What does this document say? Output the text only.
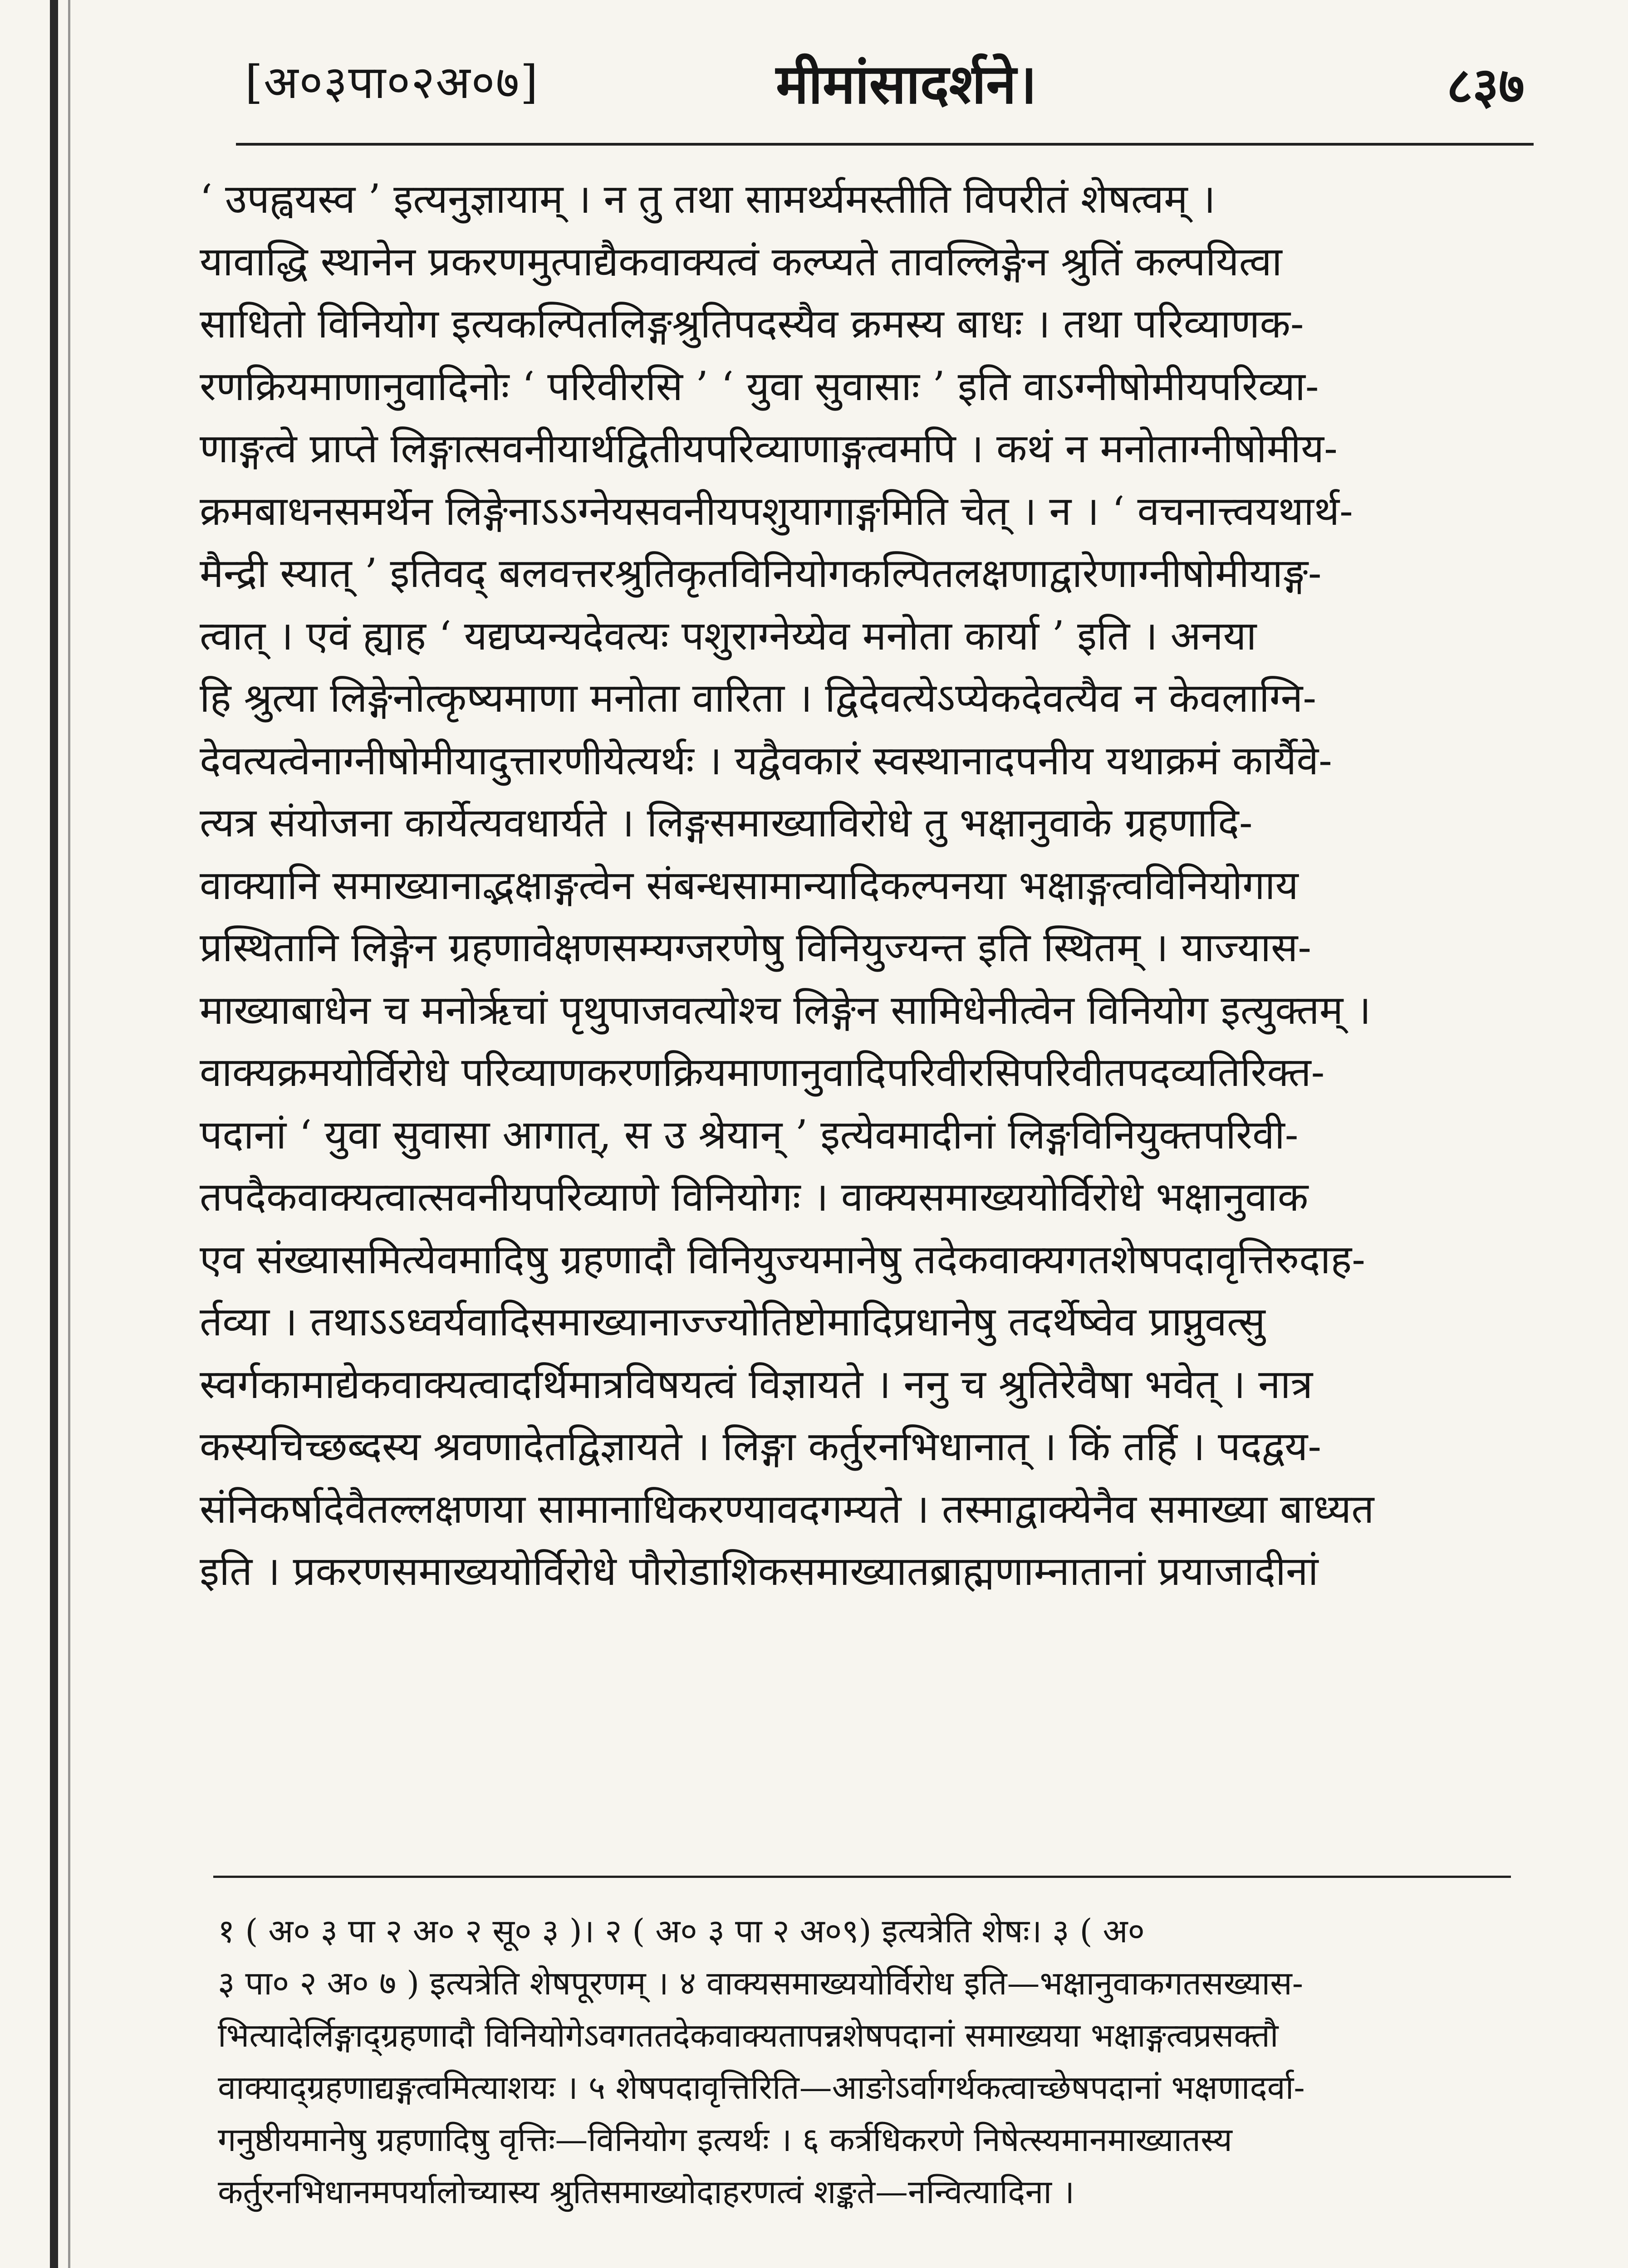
[अ०३पा०२अ०७]	मीमांसादर्शने।	८३७
‘ उपह्वयस्व ’ इत्यनुज्ञायाम् । न तु तथा सामर्थ्यमस्तीति विपरीतं शेषत्वम् ।
यावाद्धि स्थानेन प्रकरणमुत्पाद्यैकवाक्यत्वं कल्प्यते तावल्लिङ्गेन श्रुतिं कल्पयित्वा
साधितो विनियोग इत्यकल्पितलिङ्गश्रुतिपदस्यैव क्रमस्य बाधः । तथा परिव्याणक-
रणक्रियमाणानुवादिनोः ‘ परिवीरसि ’ ‘ युवा सुवासाः ’ इति वाऽग्नीषोमीयपरिव्या-
णाङ्गत्वे प्राप्ते लिङ्गात्सवनीयार्थद्वितीयपरिव्याणाङ्गत्वमपि । कथं न मनोताग्नीषोमीय-
क्रमबाधनसमर्थेन लिङ्गेनाऽऽग्नेयसवनीयपशुयागाङ्गमिति चेत् । न । ‘ वचनात्त्वयथार्थ-
मैन्द्री स्यात् ’ इतिवद् बलवत्तरश्रुतिकृतविनियोगकल्पितलक्षणाद्वारेणाग्नीषोमीयाङ्ग-
त्वात् । एवं ह्याह ‘ यद्यप्यन्यदेवत्यः पशुराग्नेय्येव मनोता कार्या ’ इति । अनया
हि श्रुत्या लिङ्गेनोत्कृष्यमाणा मनोता वारिता । द्विदेवत्येऽप्येकदेवत्यैव न केवलाग्नि-
देवत्यत्वेनाग्नीषोमीयादुत्तारणीयेत्यर्थः । यद्वैवकारं स्वस्थानादपनीय यथाक्रमं कार्यैवे-
त्यत्र संयोजना कार्येत्यवधार्यते । लिङ्गसमाख्याविरोधे तु भक्षानुवाके ग्रहणादि-
वाक्यानि समाख्यानाद्भक्षाङ्गत्वेन संबन्धसामान्यादिकल्पनया भक्षाङ्गत्वविनियोगाय
प्रस्थितानि लिङ्गेन ग्रहणावेक्षणसम्यग्जरणेषु विनियुज्यन्त इति स्थितम् । याज्यास-
माख्याबाधेन च मनोर्ऋचां पृथुपाजवत्योश्च लिङ्गेन सामिधेनीत्वेन विनियोग इत्युक्तम् ।
वाक्यक्रमयोर्विरोधे परिव्याणकरणक्रियमाणानुवादिपरिवीरसिपरिवीतपदव्यतिरिक्त-
पदानां ‘ युवा सुवासा आगात्, स उ श्रेयान् ’ इत्येवमादीनां लिङ्गविनियुक्तपरिवी-
तपदैकवाक्यत्वात्सवनीयपरिव्याणे विनियोगः । वाक्यसमाख्ययोर्विरोधे भक्षानुवाक
एव संख्यासमित्येवमादिषु ग्रहणादौ विनियुज्यमानेषु तदेकवाक्यगतशेषपदावृत्तिरुदाह-
र्तव्या । तथाऽऽध्वर्यवादिसमाख्यानाज्ज्योतिष्टोमादिप्रधानेषु तदर्थेष्वेव प्राप्नुवत्सु
स्वर्गकामाद्येकवाक्यत्वादर्थिमात्रविषयत्वं विज्ञायते । ननु च श्रुतिरेवैषा भवेत् । नात्र
कस्यचिच्छब्दस्य श्रवणादेतद्विज्ञायते । लिङ्गा कर्तुरनभिधानात् । किं तर्हि । पदद्वय-
संनिकर्षादेवैतल्लक्षणया सामानाधिकरण्यावदगम्यते । तस्माद्वाक्येनैव समाख्या बाध्यत
इति । प्रकरणसमाख्ययोर्विरोधे पौरोडाशिकसमाख्यातब्राह्मणाम्नातानां प्रयाजादीनां
१ ( अ० ३ पा २ अ० २ सू० ३ )। २ ( अ० ३ पा २ अ०९) इत्यत्रेति शेषः। ३ ( अ०
३ पा० २ अ० ७ ) इत्यत्रेति शेषपूरणम् । ४ वाक्यसमाख्ययोर्विरोध इति—भक्षानुवाकगतसख्यास-
भित्यादेर्लिङ्गाद्ग्रहणादौ विनियोगेऽवगततदेकवाक्यतापन्नशेषपदानां समाख्यया भक्षाङ्गत्वप्रसक्तौ
वाक्याद्ग्रहणाद्यङ्गत्वमित्याशयः । ५ शेषपदावृत्तिरिति—आङोऽर्वागर्थकत्वाच्छेषपदानां भक्षणादर्वा-
गनुष्ठीयमानेषु ग्रहणादिषु वृत्तिः—विनियोग इत्यर्थः । ६ कर्त्रधिकरणे निषेत्स्यमानमाख्यातस्य
कर्तुरनभिधानमपर्यालोच्यास्य श्रुतिसमाख्योदाहरणत्वं शङ्कते—नन्वित्यादिना ।
